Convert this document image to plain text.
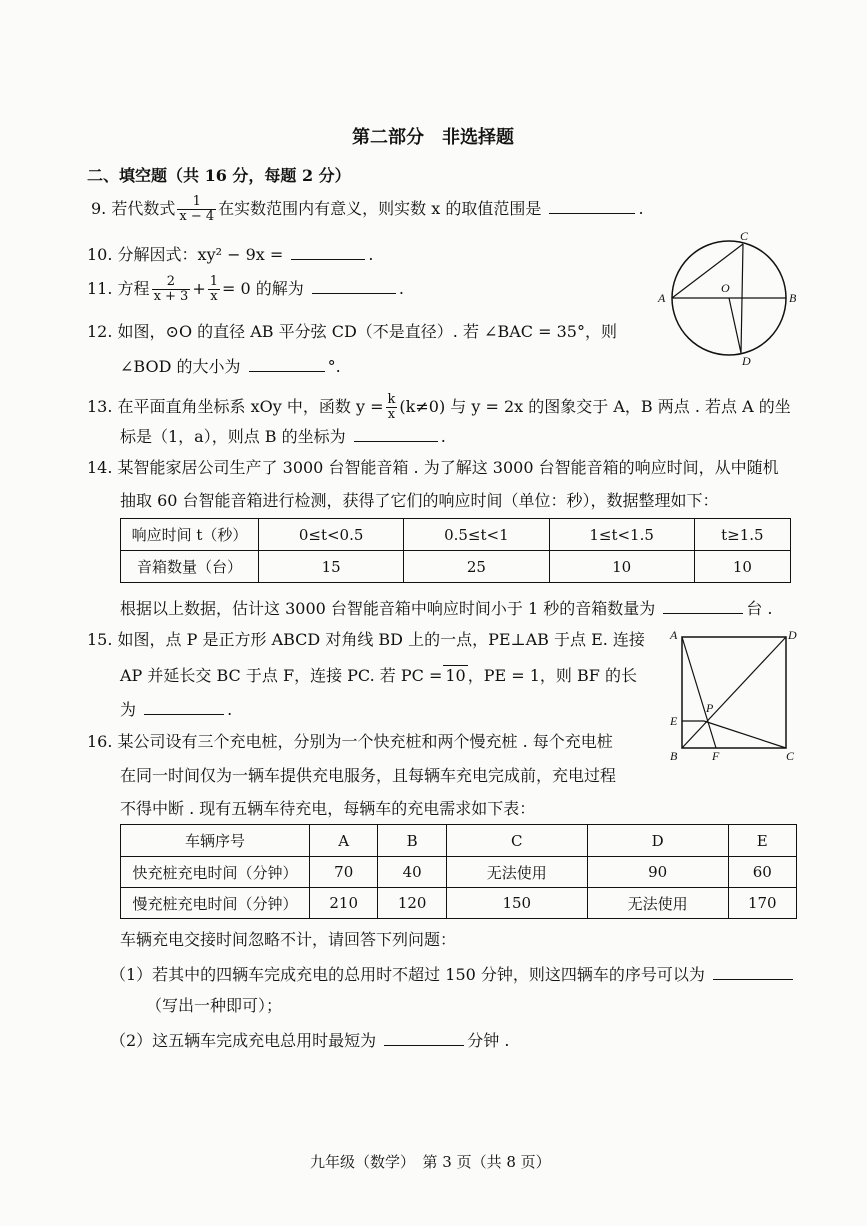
第二部分　非选择题
二、填空题（共 16 分，每题 2 分）
9. 若代数式 $\frac{1}{x - 4}$ 在实数范围内有意义，则实数 x 的取值范围是	.
10. 分解因式：xy² − 9x =	.
11. 方程 $\frac{2}{x + 3} + \frac{1}{x} = 0$ 的解为	.
12. 如图，⊙O 的直径 AB 平分弦 CD（不是直径）. 若 ∠BAC = 35°，则
∠BOD 的大小为	°.
A	B
C
D
O
13. 在平面直角坐标系 xOy 中，函数 $y = \frac{k}{x} (k\ne 0)$ 与 y = 2x 的图象交于 A，B 两点 . 若点 A 的坐
标是（1，a），则点 B 的坐标为	.
14. 某智能家居公司生产了 3000 台智能音箱 . 为了解这 3000 台智能音箱的响应时间，从中随机
抽取 60 台智能音箱进行检测，获得了它们的响应时间（单位：秒），数据整理如下：
响应时间 t（秒）	0≤t<0.5	0.5≤t<1	1≤t<1.5	t≥1.5
音箱数量（台）	15	25	10	10
根据以上数据，估计这 3000 台智能音箱中响应时间小于 1 秒的音箱数量为	台 .
15. 如图，点 P 是正方形 ABCD 对角线 BD 上的一点，PE⊥AB 于点 E. 连接
AP 并延长交 BC 于点 F，连接 PC. 若 PC = 10 ，PE = 1，则 BF 的长
为	.
A	D
B	C
E
F
P
16. 某公司设有三个充电桩，分别为一个快充桩和两个慢充桩 . 每个充电桩
在同一时间仅为一辆车提供充电服务，且每辆车充电完成前，充电过程
不得中断 . 现有五辆车待充电，每辆车的充电需求如下表：
车辆序号	A	B	C	D	E
快充桩充电时间（分钟）	70	40	无法使用	90	60
慢充桩充电时间（分钟）	210	120	150	无法使用	170
车辆充电交接时间忽略不计，请回答下列问题：
（1）若其中的四辆车完成充电的总用时不超过 150 分钟，则这四辆车的序号可以为
（写出一种即可）；
（2）这五辆车完成充电总用时最短为	分钟 .
九年级（数学）　第 3 页（共 8 页）
